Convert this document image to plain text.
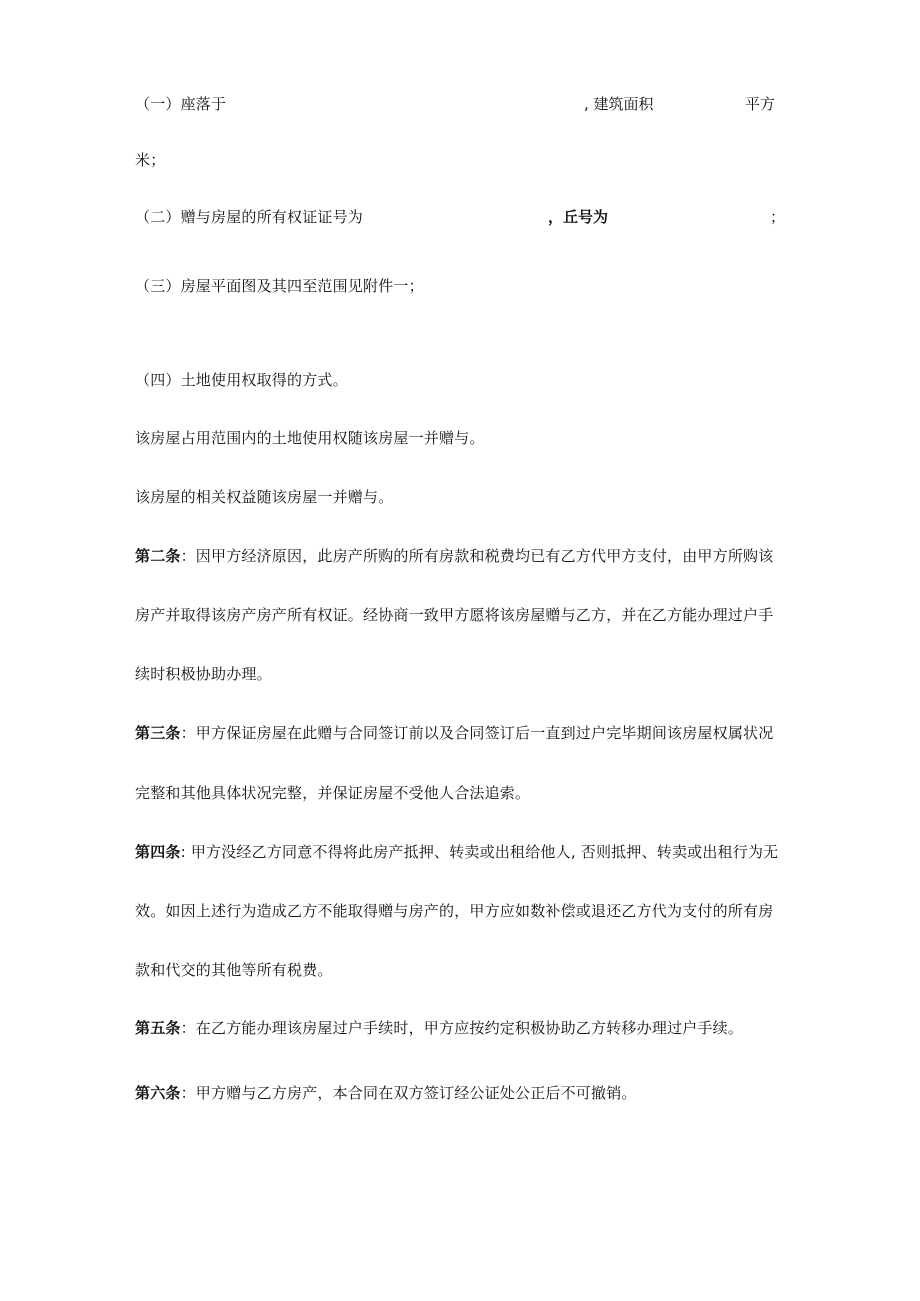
（一）座落于	, 建筑面积	平方
米；
（二）赠与房屋的所有权证证号为	，丘号为	；
（三）房屋平面图及其四至范围见附件一；
（四）土地使用权取得的方式。
该房屋占用范围内的土地使用权随该房屋一并赠与。
该房屋的相关权益随该房屋一并赠与。
第二条：因甲方经济原因，此房产所购的所有房款和税费均已有乙方代甲方支付，由甲方所购该
房产并取得该房产房产所有权证。经协商一致甲方愿将该房屋赠与乙方，并在乙方能办理过户手
续时积极协助办理。
第三条：甲方保证房屋在此赠与合同签订前以及合同签订后一直到过户完毕期间该房屋权属状况
完整和其他具体状况完整，并保证房屋不受他人合法追索。
第四条: 甲方没经乙方同意不得将此房产抵押、转卖或出租给他人, 否则抵押、转卖或出租行为无
效。如因上述行为造成乙方不能取得赠与房产的，甲方应如数补偿或退还乙方代为支付的所有房
款和代交的其他等所有税费。
第五条：在乙方能办理该房屋过户手续时，甲方应按约定积极协助乙方转移办理过户手续。
第六条：甲方赠与乙方房产，本合同在双方签订经公证处公正后不可撤销。
